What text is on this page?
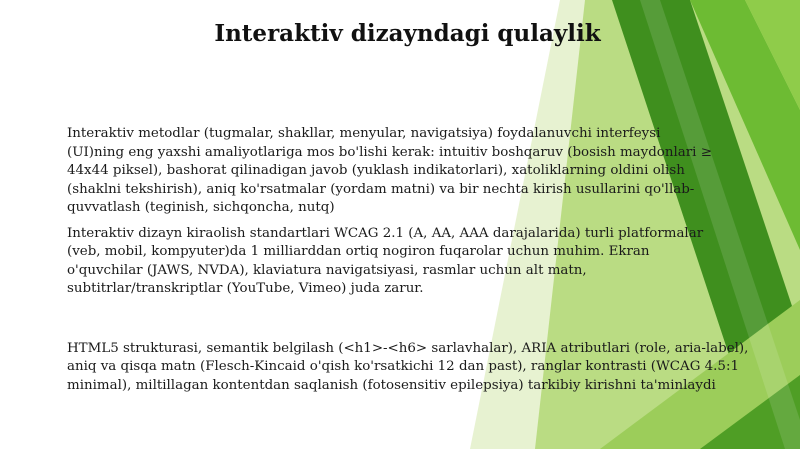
Interaktiv dizayndagi qulaylik

Interaktiv metodlar (tugmalar, shakllar, menyular, navigatsiya) foydalanuvchi interfeysi
(UI)ning eng yaxshi amaliyotlariga mos bo'lishi kerak: intuitiv boshqaruv (bosish maydonlari ≥
44x44 piksel), bashorat qilinadigan javob (yuklash indikatorlari), xatoliklarning oldini olish
(shaklni tekshirish), aniq ko'rsatmalar (yordam matni) va bir nechta kirish usullarini qo'llab-
quvvatlash (teginish, sichqoncha, nutq)

Interaktiv dizayn kiraolish standartlari WCAG 2.1 (A, AA, AAA darajalarida) turli platformalar
(veb, mobil, kompyuter)da 1 milliarddan ortiq nogiron fuqarolar uchun muhim. Ekran
o'quvchilar (JAWS, NVDA), klaviatura navigatsiyasi, rasmlar uchun alt matn,
subtitrlar/transkriptlar (YouTube, Vimeo) juda zarur.

HTML5 strukturasi, semantik belgilash (<h1>-<h6> sarlavhalar), ARIA atributlari (role, aria-label),
aniq va qisqa matn (Flesch-Kincaid o'qish ko'rsatkichi 12 dan past), ranglar kontrasti (WCAG 4.5:1
minimal), miltillagan kontentdan saqlanish (fotosensitiv epilepsiya) tarkibiy kirishni ta'minlaydi
